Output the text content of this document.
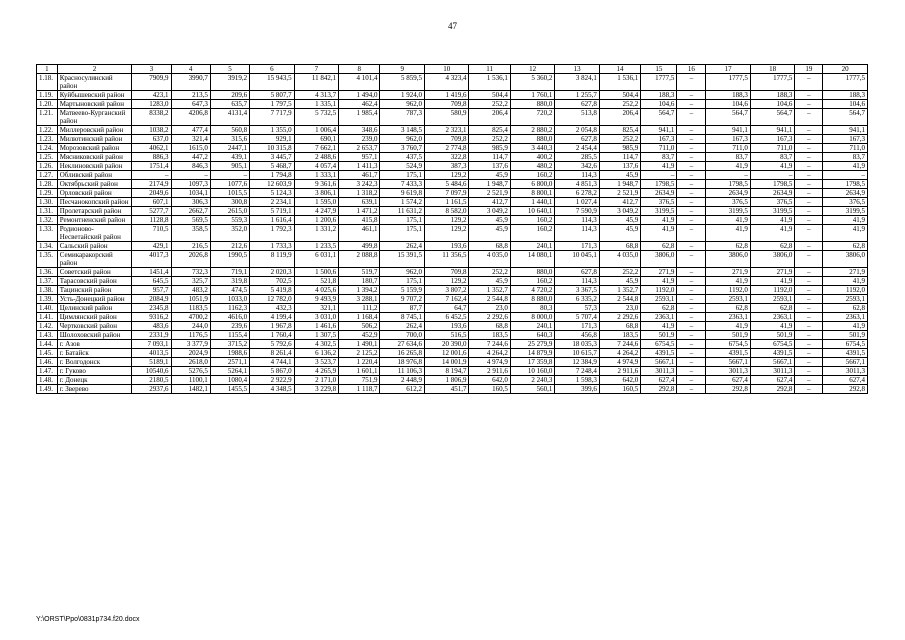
47
1	2	3	4	5	6	7	8	9	10	11	12	13	14	15	16	17	18	19	20
1.18.	Красносулинский район	7909,9	3990,7	3919,2	15 943,5	11 842,1	4 101,4	5 859,5	4 323,4	1 536,1	5 360,2	3 824,1	1 536,1	1777,5	–	1777,5	1777,5	–	1777,5
1.19.	Куйбышевский район	423,1	213,5	209,6	5 807,7	4 313,7	1 494,0	1 924,0	1 419,6	504,4	1 760,1	1 255,7	504,4	188,3	–	188,3	188,3	–	188,3
1.20.	Мартыновский район	1283,0	647,3	635,7	1 797,5	1 335,1	462,4	962,0	709,8	252,2	880,0	627,8	252,2	104,6	–	104,6	104,6	–	104,6
1.21.	Матвеево-Курганский район	8338,2	4206,8	4131,4	7 717,9	5 732,5	1 985,4	787,3	580,9	206,4	720,2	513,8	206,4	564,7	–	564,7	564,7	–	564,7
1.22.	Миллеровский район	1038,2	477,4	560,8	1 355,0	1 006,4	348,6	3 148,5	2 323,1	825,4	2 880,2	2 054,8	825,4	941,1	–	941,1	941,1	–	941,1
1.23.	Милютинский район	637,0	321,4	315,6	929,1	690,1	239,0	962,0	709,8	252,2	880,0	627,8	252,2	167,3	–	167,3	167,3	–	167,3
1.24.	Морозовский район	4062,1	1615,0	2447,1	10 315,8	7 662,1	2 653,7	3 760,7	2 774,8	985,9	3 440,3	2 454,4	985,9	711,0	–	711,0	711,0	–	711,0
1.25.	Мясниковский район	886,3	447,2	439,1	3 445,7	2 488,6	957,1	437,5	322,8	114,7	400,2	285,5	114,7	83,7	–	83,7	83,7	–	83,7
1.26.	Неклиновский район	1751,4	846,3	905,1	5 468,7	4 057,4	1 411,3	524,9	387,3	137,6	480,2	342,6	137,6	41,9	–	41,9	41,9	–	41,9
1.27.	Обливский район	–	–	–	1 794,8	1 333,1	461,7	175,1	129,2	45,9	160,2	114,3	45,9	–	–	–	–	–	–
1.28.	Октябрьский район	2174,9	1097,3	1077,6	12 603,9	9 361,6	3 242,3	7 433,3	5 484,6	1 948,7	6 800,0	4 851,3	1 948,7	1798,5	–	1798,5	1798,5	–	1798,5
1.29.	Орловский район	2049,6	1034,1	1015,5	5 124,3	3 806,1	1 318,2	9 619,8	7 097,9	2 521,9	8 800,1	6 278,2	2 521,9	2634,9	–	2634,9	2634,9	–	2634,9
1.30.	Песчанокопский район	607,1	306,3	300,8	2 234,1	1 595,0	639,1	1 574,2	1 161,5	412,7	1 440,1	1 027,4	412,7	376,5	–	376,5	376,5	–	376,5
1.31.	Пролетарский район	5277,7	2662,7	2615,0	5 719,1	4 247,9	1 471,2	11 631,2	8 582,0	3 049,2	10 640,1	7 590,9	3 049,2	3199,5	–	3199,5	3199,5	–	3199,5
1.32.	Ремонтненский район	1128,8	569,5	559,3	1 616,4	1 200,6	415,8	175,1	129,2	45,9	160,2	114,3	45,9	41,9	–	41,9	41,9	–	41,9
1.33.	Родионово-Несветайский район	710,5	358,5	352,0	1 792,3	1 331,2	461,1	175,1	129,2	45,9	160,2	114,3	45,9	41,9	–	41,9	41,9	–	41,9
1.34.	Сальский район	429,1	216,5	212,6	1 733,3	1 233,5	499,8	262,4	193,6	68,8	240,1	171,3	68,8	62,8	–	62,8	62,8	–	62,8
1.35.	Семикаракорский район	4017,3	2026,8	1990,5	8 119,9	6 031,1	2 088,8	15 391,5	11 356,5	4 035,0	14 080,1	10 045,1	4 035,0	3806,0	–	3806,0	3806,0	–	3806,0
1.36.	Советский район	1451,4	732,3	719,1	2 020,3	1 500,6	519,7	962,0	709,8	252,2	880,0	627,8	252,2	271,9	–	271,9	271,9	–	271,9
1.37.	Тарасовский район	645,5	325,7	319,8	702,5	521,8	180,7	175,1	129,2	45,9	160,2	114,3	45,9	41,9	–	41,9	41,9	–	41,9
1.38.	Тацинский район	957,7	483,2	474,5	5 419,8	4 025,6	1 394,2	5 159,9	3 807,2	1 352,7	4 720,2	3 367,5	1 352,7	1192,0	–	1192,0	1192,0	–	1192,0
1.39.	Усть-Донецкий район	2084,9	1051,9	1033,0	12 782,0	9 493,9	3 288,1	9 707,2	7 162,4	2 544,8	8 880,0	6 335,2	2 544,8	2593,1	–	2593,1	2593,1	–	2593,1
1.40.	Целинский район	2345,8	1183,5	1162,3	432,3	321,1	111,2	87,7	64,7	23,0	80,3	57,3	23,0	62,8	–	62,8	62,8	–	62,8
1.41.	Цимлянский район	9316,2	4700,2	4616,0	4 199,4	3 031,0	1 168,4	8 745,1	6 452,5	2 292,6	8 000,0	5 707,4	2 292,6	2363,1	–	2363,1	2363,1	–	2363,1
1.42.	Чертковский район	483,6	244,0	239,6	1 967,8	1 461,6	506,2	262,4	193,6	68,8	240,1	171,3	68,8	41,9	–	41,9	41,9	–	41,9
1.43.	Шолоховский район	2331,9	1176,5	1155,4	1 760,4	1 307,5	452,9	700,0	516,5	183,5	640,3	456,8	183,5	501,9	–	501,9	501,9	–	501,9
1.44.	г. Азов	7 093,1	3 377,9	3715,2	5 792,6	4 302,5	1 490,1	27 634,6	20 390,0	7 244,6	25 279,9	18 035,3	7 244,6	6754,5	–	6754,5	6754,5	–	6754,5
1.45.	г. Батайск	4013,5	2024,9	1988,6	8 261,4	6 136,2	2 125,2	16 265,8	12 001,6	4 264,2	14 879,9	10 615,7	4 264,2	4391,5	–	4391,5	4391,5	–	4391,5
1.46.	г. Волгодонск	5189,1	2618,0	2571,1	4 744,1	3 523,7	1 220,4	18 976,8	14 001,9	4 974,9	17 359,8	12 384,9	4 974,9	5667,1	–	5667,1	5667,1	–	5667,1
1.47.	г. Гуково	10540,6	5276,5	5264,1	5 867,0	4 265,9	1 601,1	11 106,3	8 194,7	2 911,6	10 160,0	7 248,4	2 911,6	3011,3	–	3011,3	3011,3	–	3011,3
1.48.	г. Донецк	2180,5	1100,1	1080,4	2 922,9	2 171,0	751,9	2 448,9	1 806,9	642,0	2 240,3	1 598,3	642,0	627,4	–	627,4	627,4	–	627,4
1.49.	г. Зверево	2937,6	1482,1	1455,5	4 348,5	3 229,8	1 118,7	612,2	451,7	160,5	560,1	399,6	160,5	292,8	–	292,8	292,8	–	292,8
Y:\ORST\Ppo\0831p734.f20.docx
